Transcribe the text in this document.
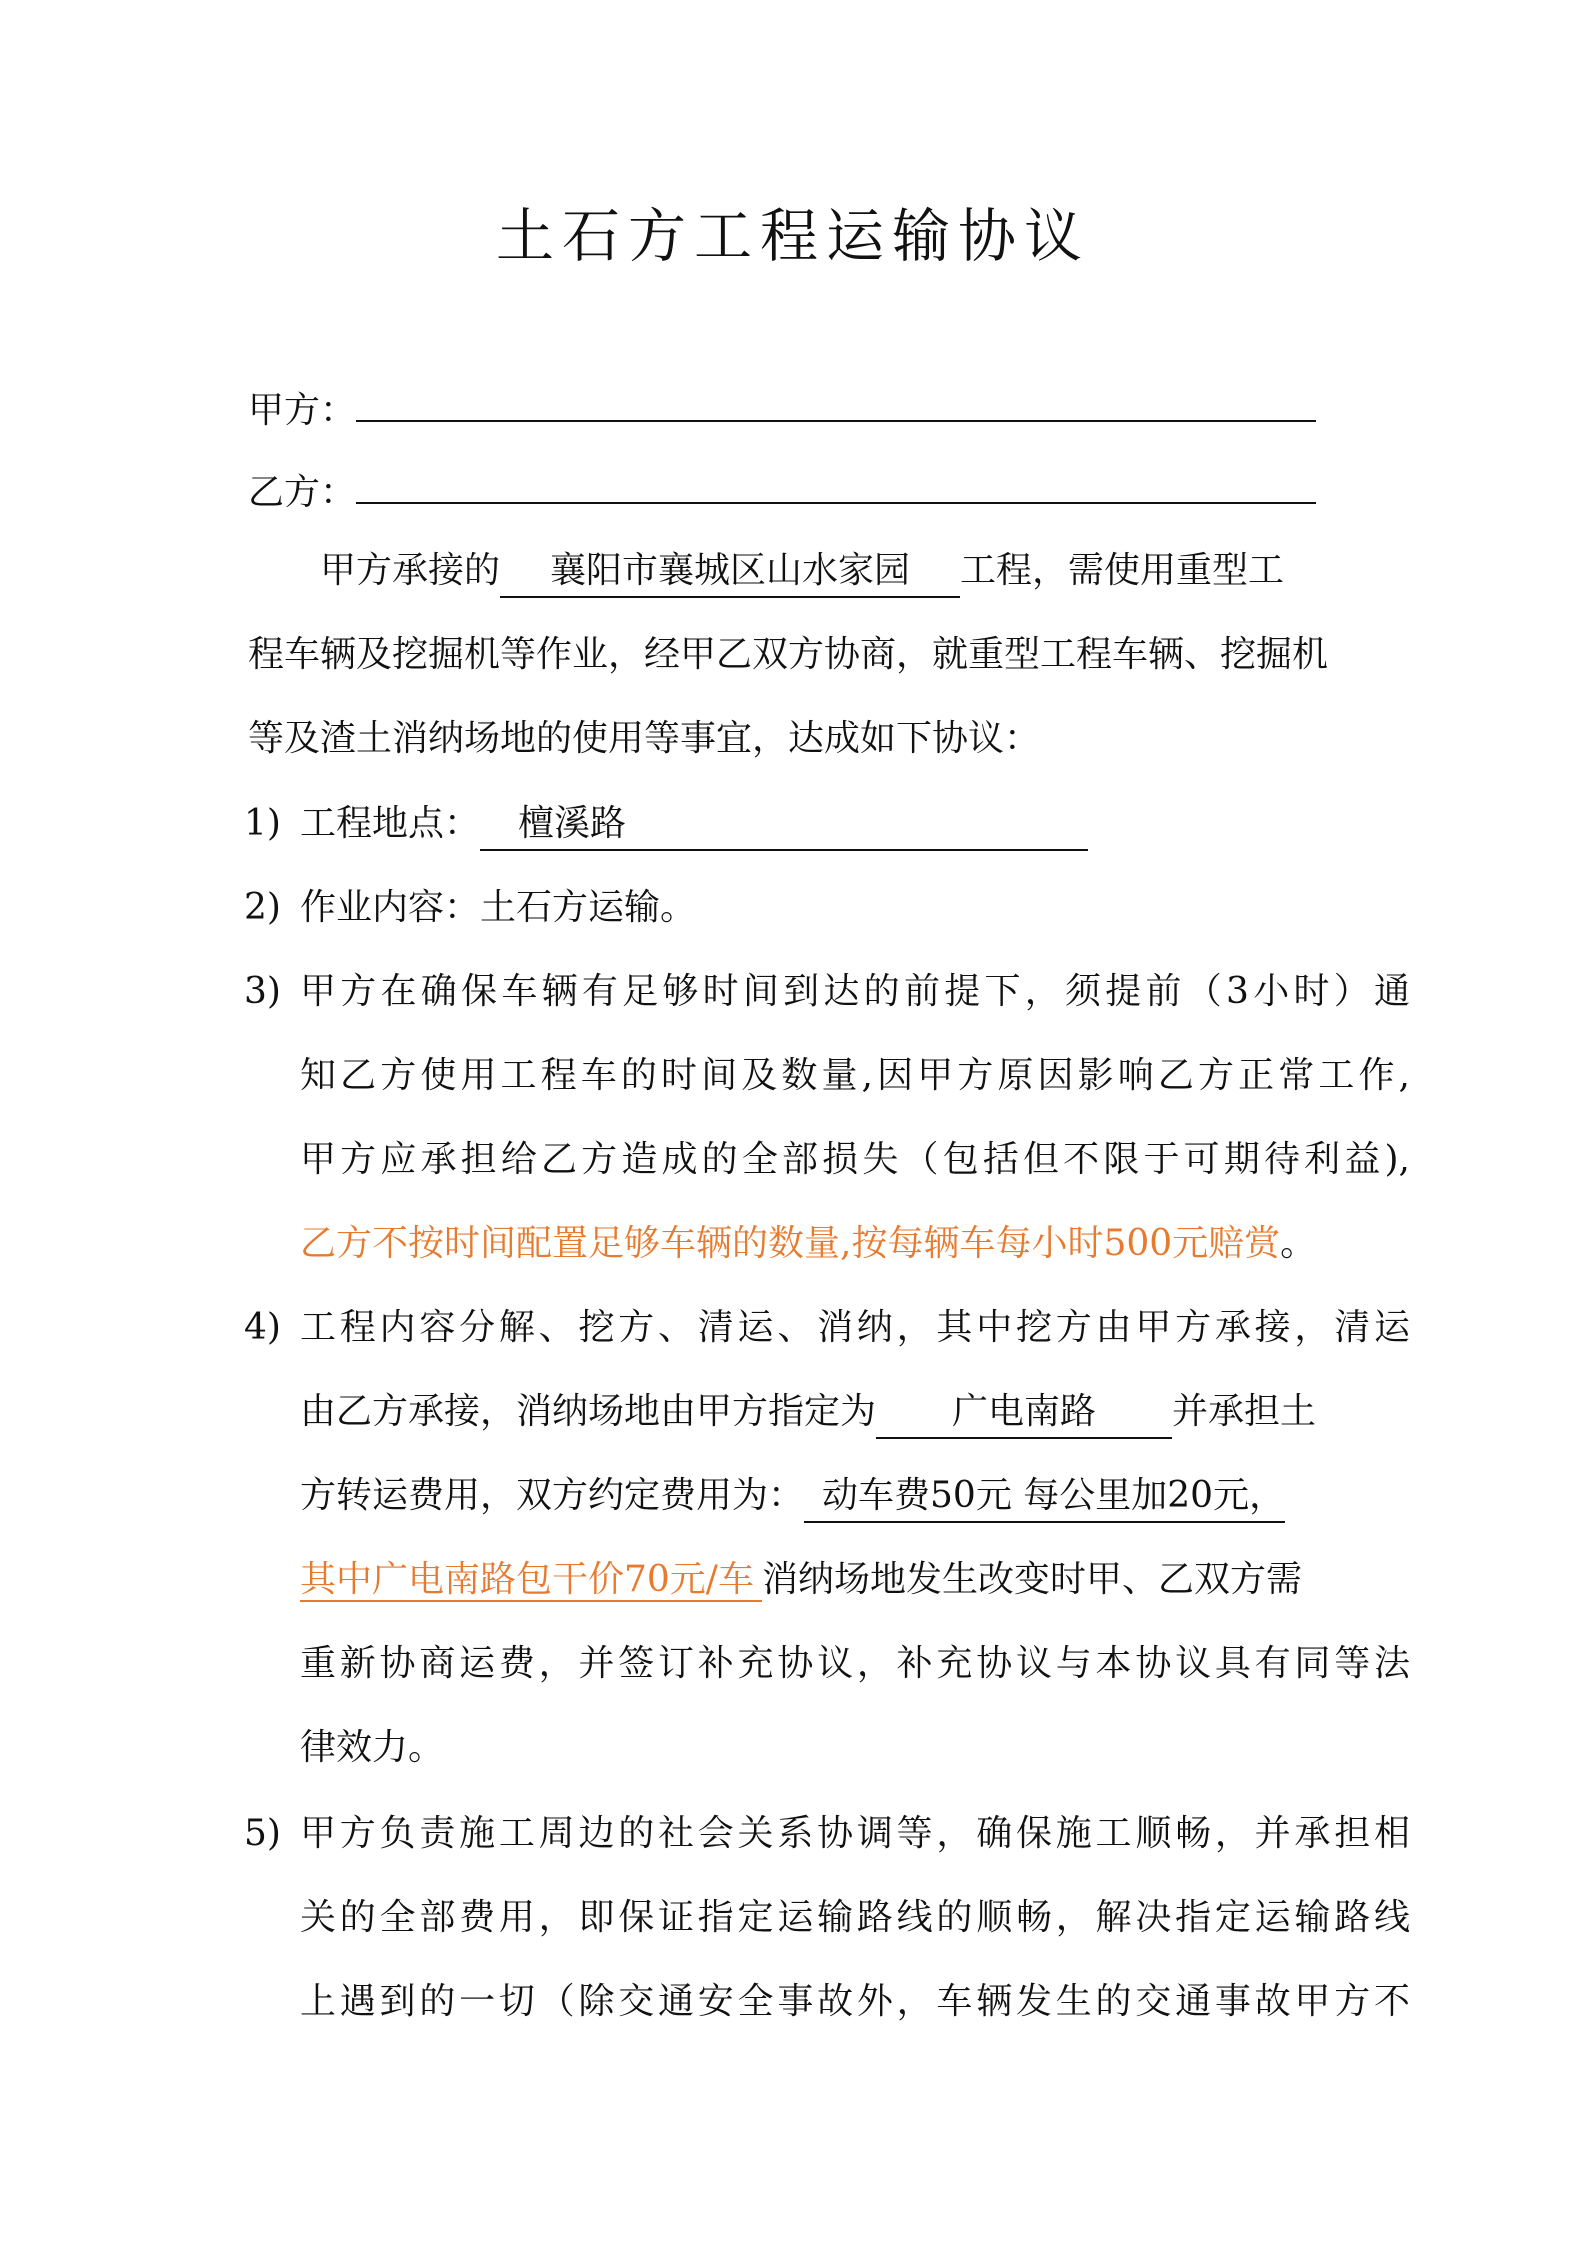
土石方工程运输协议
甲方：
乙方：
甲方承接的 襄阳市襄城区山水家园 工程，需使用重型工
程车辆及挖掘机等作业，经甲乙双方协商，就重型工程车辆、挖掘机
等及渣土消纳场地的使用等事宜，达成如下协议：
1) 工程地点： 檀溪路
2) 作业内容：土石方运输。
3) 甲方在确保车辆有足够时间到达的前提下，须提前（3小时）通
知乙方使用工程车的时间及数量,因甲方原因影响乙方正常工作,
甲方应承担给乙方造成的全部损失（包括但不限于可期待利益),
乙方不按时间配置足够车辆的数量,按每辆车每小时500元赔赏。
4) 工程内容分解、挖方、清运、消纳，其中挖方由甲方承接，清运
由乙方承接，消纳场地由甲方指定为 广电南路 并承担土
方转运费用，双方约定费用为： 动车费50元 每公里加20元，
其中广电南路包干价70元/车 消纳场地发生改变时甲、乙双方需
重新协商运费，并签订补充协议，补充协议与本协议具有同等法
律效力。
5) 甲方负责施工周边的社会关系协调等，确保施工顺畅，并承担相
关的全部费用，即保证指定运输路线的顺畅，解决指定运输路线
上遇到的一切（除交通安全事故外，车辆发生的交通事故甲方不
